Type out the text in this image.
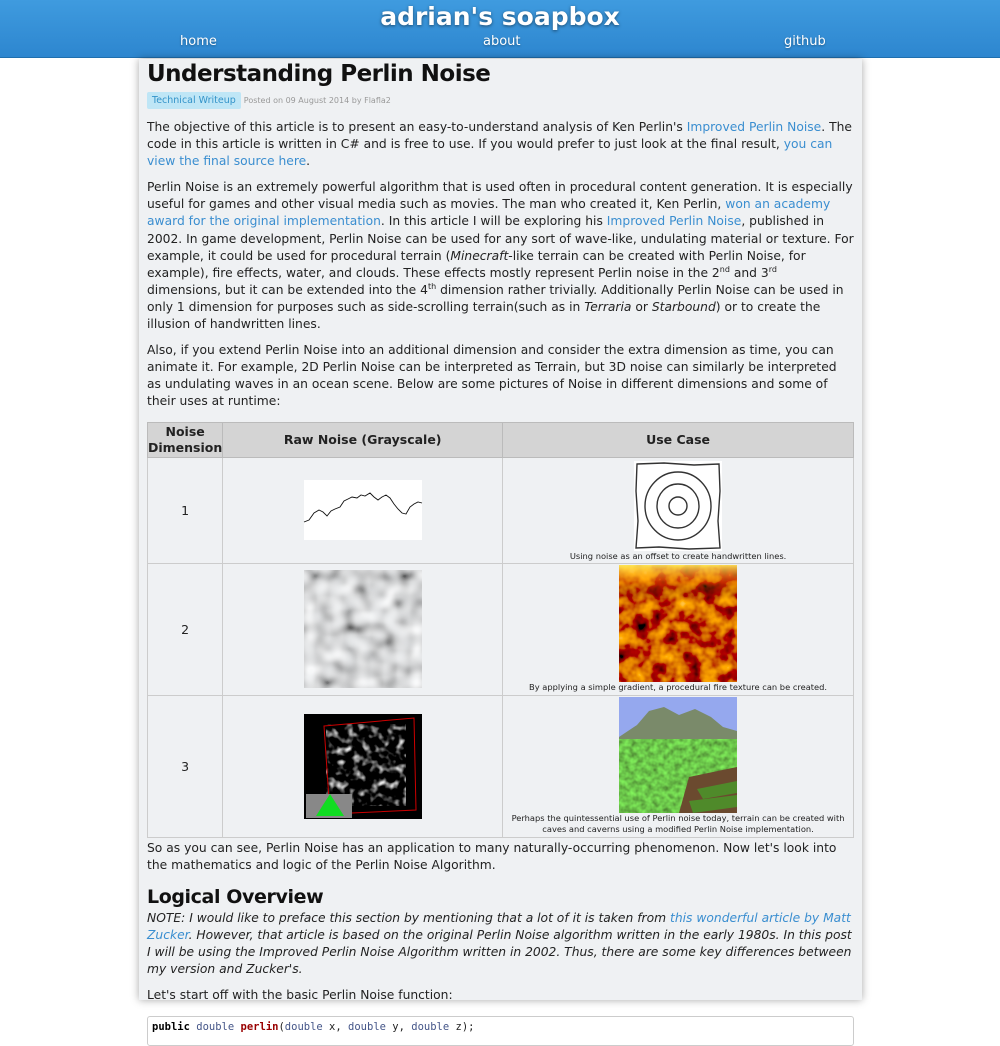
adrian's soapbox
home	about	github
Understanding Perlin Noise
Technical Writeup	Posted on 09 August 2014 by Flafla2

The objective of this article is to present an easy-to-understand analysis of Ken Perlin's Improved Perlin Noise. The code in this article is written in C# and is free to use. If you would prefer to just look at the final result, you can view the final source here.

Perlin Noise is an extremely powerful algorithm that is used often in procedural content generation. It is especially useful for games and other visual media such as movies. The man who created it, Ken Perlin, won an academy award for the original implementation. In this article I will be exploring his Improved Perlin Noise, published in 2002. In game development, Perlin Noise can be used for any sort of wave-like, undulating material or texture. For example, it could be used for procedural terrain (Minecraft-like terrain can be created with Perlin Noise, for example), fire effects, water, and clouds. These effects mostly represent Perlin noise in the 2nd and 3rd dimensions, but it can be extended into the 4th dimension rather trivially. Additionally Perlin Noise can be used in only 1 dimension for purposes such as side-scrolling terrain(such as in Terraria or Starbound) or to create the illusion of handwritten lines.

Also, if you extend Perlin Noise into an additional dimension and consider the extra dimension as time, you can animate it. For example, 2D Perlin Noise can be interpreted as Terrain, but 3D noise can similarly be interpreted as undulating waves in an ocean scene. Below are some pictures of Noise in different dimensions and some of their uses at runtime:

Noise Dimension	Raw Noise (Grayscale)	Use Case
1		Using noise as an offset to create handwritten lines.

2		By applying a simple gradient, a procedural fire texture can be created.

3		Perhaps the quintessential use of Perlin noise today, terrain can be created with caves and caverns using a modified Perlin Noise implementation.

So as you can see, Perlin Noise has an application to many naturally-occurring phenomenon. Now let's look into the mathematics and logic of the Perlin Noise Algorithm.

Logical Overview

NOTE: I would like to preface this section by mentioning that a lot of it is taken from this wonderful article by Matt Zucker. However, that article is based on the original Perlin Noise algorithm written in the early 1980s. In this post I will be using the Improved Perlin Noise Algorithm written in 2002. Thus, there are some key differences between my version and Zucker's.

Let's start off with the basic Perlin Noise function:

public double perlin(double x, double y, double z);
